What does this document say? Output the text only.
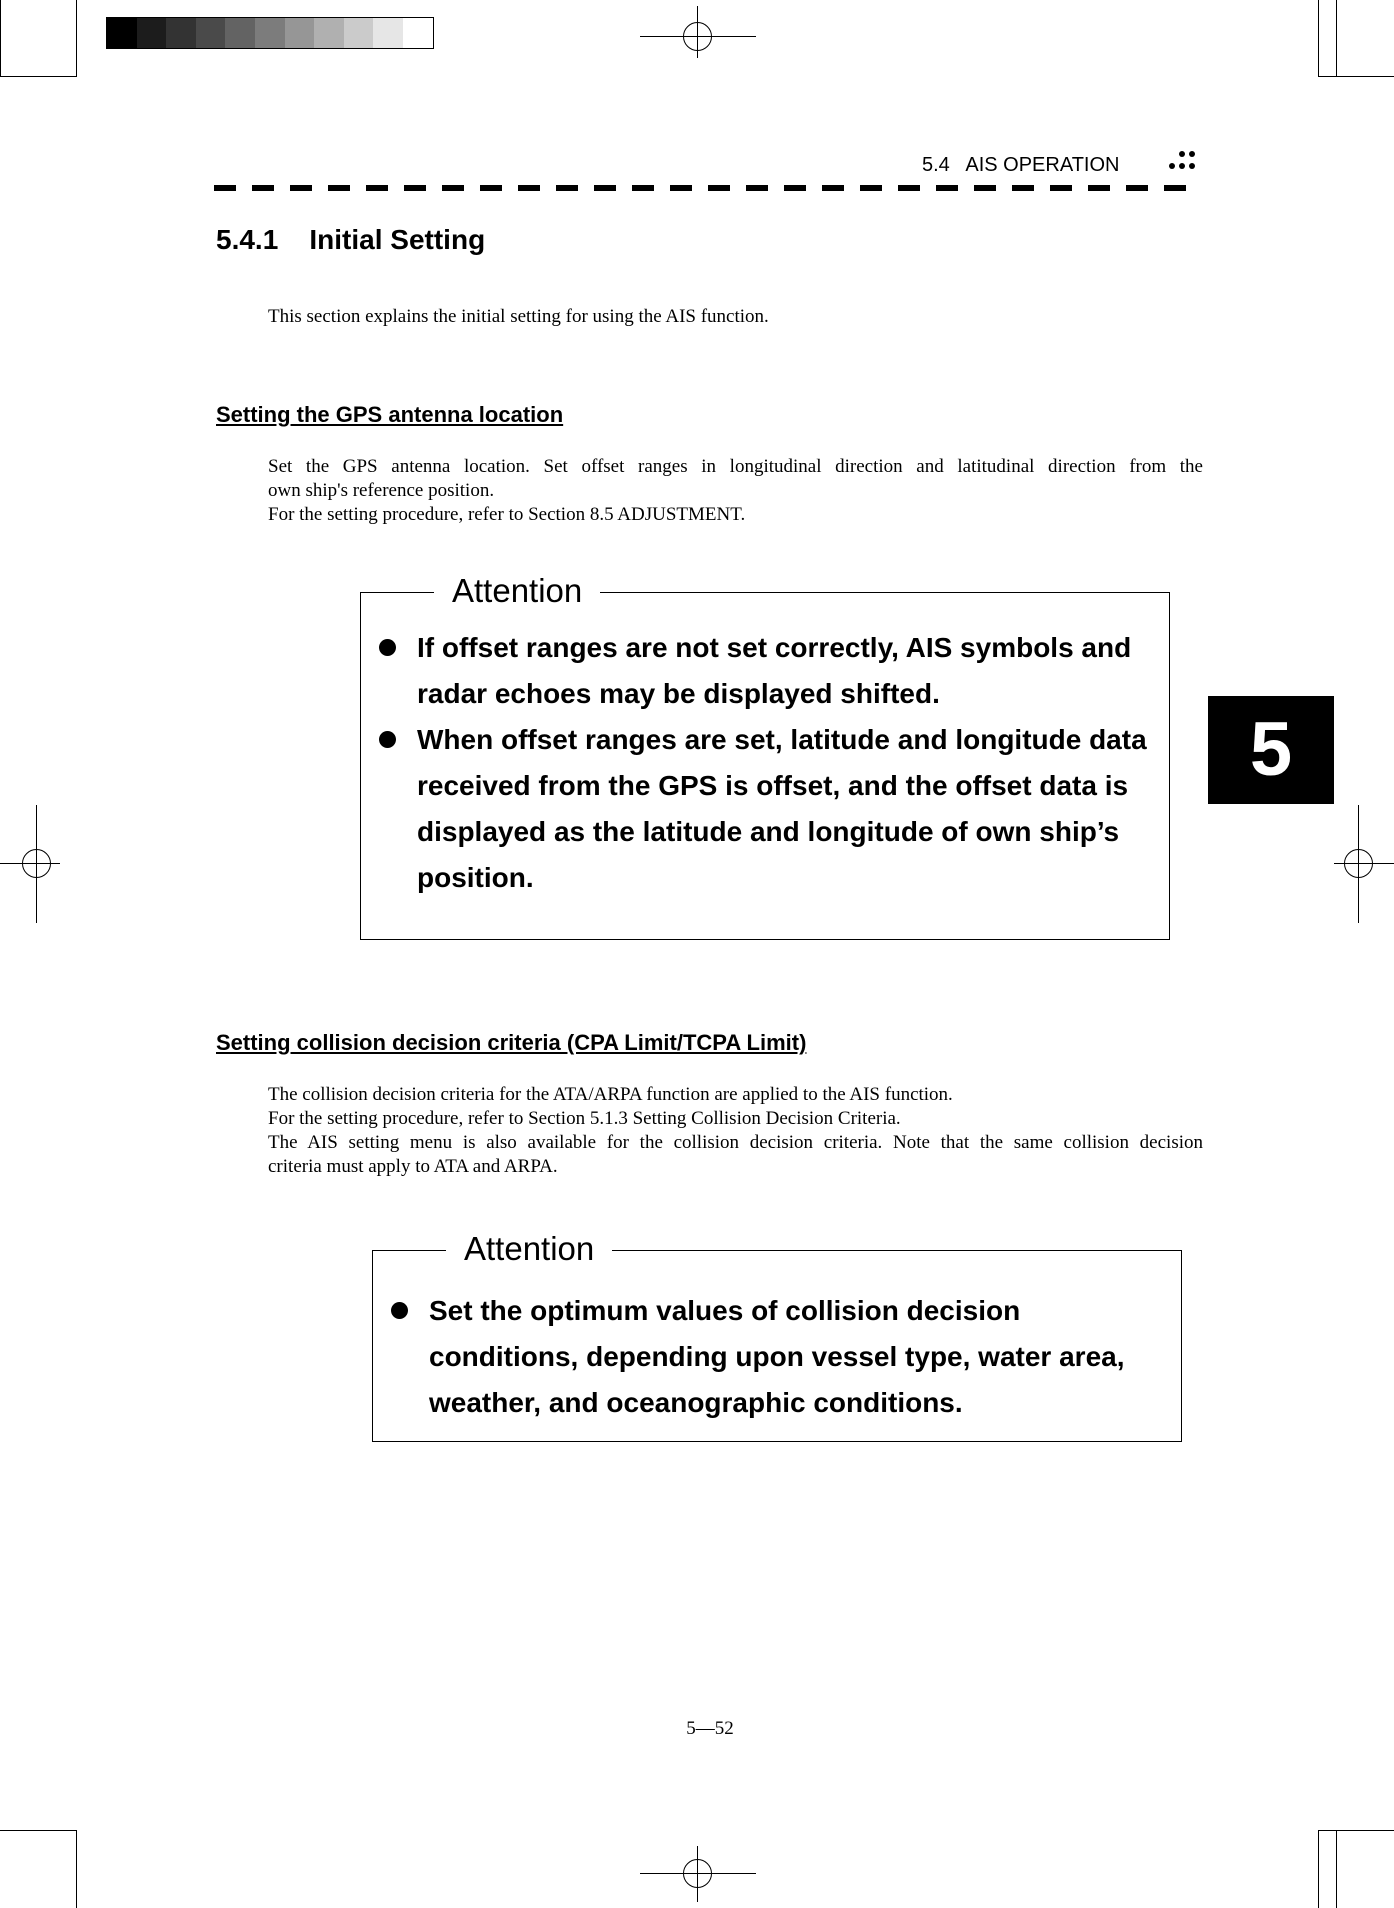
5.4   AIS OPERATION
5.4.1    Initial Setting
This section explains the initial setting for using the AIS function.
Setting the GPS antenna location
Set the GPS antenna location. Set offset ranges in longitudinal direction and latitudinal direction from the
own ship's reference position.
For the setting procedure, refer to Section 8.5 ADJUSTMENT.
Attention
If offset ranges are not set correctly, AIS symbols and radar echoes may be displayed shifted.
When offset ranges are set, latitude and longitude data received from the GPS is offset, and the offset data is displayed as the latitude and longitude of own ship’s position.
5
Setting collision decision criteria (CPA Limit/TCPA Limit)
The collision decision criteria for the ATA/ARPA function are applied to the AIS function.
For the setting procedure, refer to Section 5.1.3 Setting Collision Decision Criteria.
The AIS setting menu is also available for the collision decision criteria. Note that the same collision decision
criteria must apply to ATA and ARPA.
Attention
Set the optimum values of collision decision conditions, depending upon vessel type, water area, weather, and oceanographic conditions.
5—52
